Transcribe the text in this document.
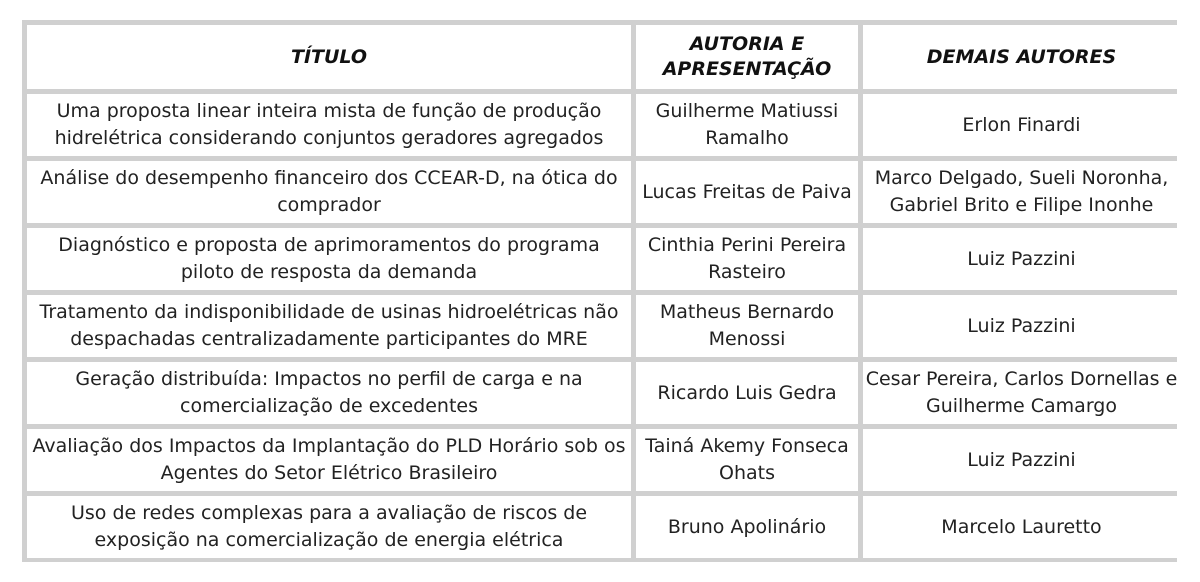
TÍTULO	AUTORIA E APRESENTAÇÃO	DEMAIS AUTORES
Uma proposta linear inteira mista de função de produção hidrelétrica considerando conjuntos geradores agregados	Guilherme Matiussi Ramalho	Erlon Finardi
Análise do desempenho financeiro dos CCEAR-D, na ótica do comprador	Lucas Freitas de Paiva	Marco Delgado, Sueli Noronha, Gabriel Brito e Filipe Inonhe
Diagnóstico e proposta de aprimoramentos do programa piloto de resposta da demanda	Cinthia Perini Pereira Rasteiro	Luiz Pazzini
Tratamento da indisponibilidade de usinas hidroelétricas não despachadas centralizadamente participantes do MRE	Matheus Bernardo Menossi	Luiz Pazzini
Geração distribuída: Impactos no perfil de carga e na comercialização de excedentes	Ricardo Luis Gedra	Cesar Pereira, Carlos Dornellas e Guilherme Camargo
Avaliação dos Impactos da Implantação do PLD Horário sob os Agentes do Setor Elétrico Brasileiro	Tainá Akemy Fonseca Ohats	Luiz Pazzini
Uso de redes complexas para a avaliação de riscos de exposição na comercialização de energia elétrica	Bruno Apolinário	Marcelo Lauretto
